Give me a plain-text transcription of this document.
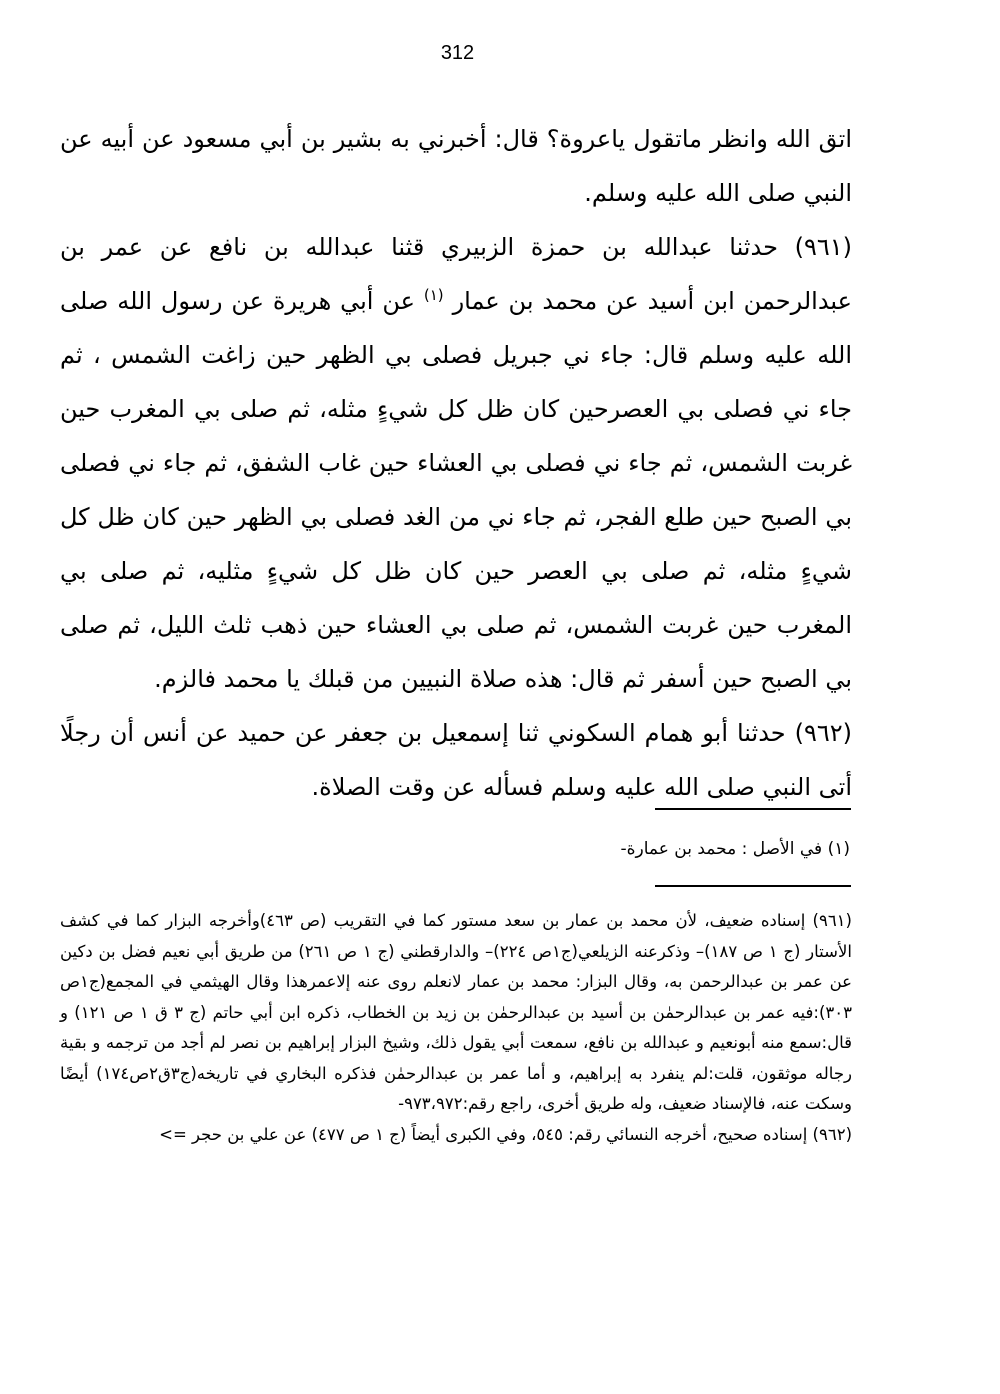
312

اتق الله وانظر ماتقول ياعروة؟ قال: أخبرني به بشير بن أبي مسعود عن أبيه عن النبي صلى الله عليه وسلم.

(٩٦١) حدثنا عبدالله بن حمزة الزبيري قثنا عبدالله بن نافع عن عمر بن عبدالرحمن ابن أسيد عن محمد بن عمار $^{(١)}$ عن أبي هريرة عن رسول الله صلى الله عليه وسلم قال: جاء ني جبريل فصلى بي الظهر حين زاغت الشمس ، ثم جاء ني فصلى بي العصرحين كان ظل كل شيءٍ مثله، ثم صلى بي المغرب حين غربت الشمس، ثم جاء ني فصلى بي العشاء حين غاب الشفق، ثم جاء ني فصلى بي الصبح حين طلع الفجر، ثم جاء ني من الغد فصلى بي الظهر حين كان ظل كل شيءٍ مثله، ثم صلى بي العصر حين كان ظل كل شيءٍ مثليه، ثم صلى بي المغرب حين غربت الشمس، ثم صلى بي العشاء حين ذهب ثلث الليل، ثم صلى بي الصبح حين أسفر ثم قال: هذه صلاة النبيين من قبلك يا محمد فالزم.

(٩٦٢) حدثنا أبو همام السكوني ثنا إسمعيل بن جعفر عن حميد عن أنس أن رجلًا أتى النبي صلى الله عليه وسلم فسأله عن وقت الصلاة.

(١) في الأصل : محمد بن عمارة-

(٩٦١) إسناده ضعيف، لأن محمد بن عمار بن سعد مستور كما في التقريب (ص ٤٦٣)وأخرجه البزار كما في كشف الأستار (ج ١ ص ١٨٧)– وذكرعنه الزيلعي(ج١ص ٢٢٤)– والدارقطني (ج ١ ص ٢٦١) من طريق أبي نعيم فضل بن دكين عن عمر بن عبدالرحمن به، وقال البزار: محمد بن عمار لانعلم روى عنه إلاعمرهذا وقال الهيثمي في المجمع(ج١ص ٣٠٣):فيه عمر بن عبدالرحمٰن بن أسيد بن عبدالرحمٰن بن زيد بن الخطاب، ذكره ابن أبي حاتم (ج ٣ ق ١ ص ١٢١) و قال:سمع منه أبونعيم و عبدالله بن نافع، سمعت أبي يقول ذلك، وشيخ البزار إبراهيم بن نصر لم أجد من ترجمه و بقية رجاله موثقون، قلت:لم ينفرد به إبراهيم، و أما عمر بن عبدالرحمٰن فذكره البخاري في تاريخه(ج٣ق٢ص١٧٤) أيضًا وسكت عنه، فالإسناد ضعيف، وله طريق أخرى، راجع رقم:٩٧٣،٩٧٢-

(٩٦٢) إسناده صحيح، أخرجه النسائي رقم: ٥٤٥، وفي الكبرى أيضاً (ج ١ ص ٤٧٧) عن علي بن حجر =>
